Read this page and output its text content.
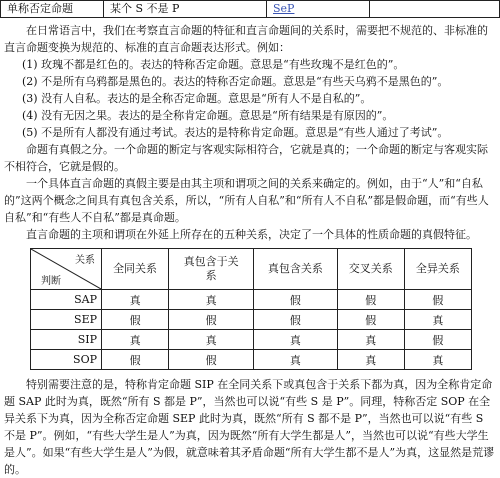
单称否定命题	某个 S 不是 P	SeP	

在日常语言中，我们在考察直言命题的特征和直言命题间的关系时，需要把不规范的、非标准的直言命题变换为规范的、标准的直言命题表达形式。例如：

(1) 玫瑰不都是红色的。表达的特称否定命题。意思是“有些玫瑰不是红色的”。

(2) 不是所有乌鸦都是黑色的。表达的特称否定命题。意思是“有些天乌鸦不是黑色的”。

(3) 没有人自私。表达的是全称否定命题。意思是“所有人不是自私的”。

(4) 没有无因之果。表达的是全称肯定命题。意思是“所有结果是有原因的”。

(5) 不是所有人都没有通过考试。表达的是特称肯定命题。意思是“有些人通过了考试”。

命题有真假之分。一个命题的断定与客观实际相符合，它就是真的；一个命题的断定与客观实际不相符合，它就是假的。

一个具体直言命题的真假主要是由其主项和谓项之间的关系来确定的。例如，由于“人”和“自私的”这两个概念之间具有真包含关系，所以，“所有人自私”和“所有人不自私”都是假命题，而“有些人自私”和“有些人不自私”都是真命题。

直言命题的主项和谓项在外延上所存在的五种关系，决定了一个具体的性质命题的真假特征。

关系
判断	全同关系	真包含于关系	真包含关系	交叉关系	全异关系
SAP	真	真	假	假	假
SEP	假	假	假	假	真
SIP	真	真	真	真	假
SOP	假	假	真	真	真

特别需要注意的是，特称肯定命题 SIP 在全同关系下或真包含于关系下都为真，因为全称肯定命题 SAP 此时为真，既然“所有 S 都是 P”，当然也可以说“有些 S 是 P”。同理，特称否定 SOP 在全异关系下为真，因为全称否定命题 SEP 此时为真，既然“所有 S 都不是 P”，当然也可以说“有些 S 不是 P”。例如，“有些大学生是人”为真，因为既然“所有大学生都是人”，当然也可以说“有些大学生是人”。如果“有些大学生是人”为假，就意味着其矛盾命题“所有大学生都不是人”为真，这显然是荒谬的。
